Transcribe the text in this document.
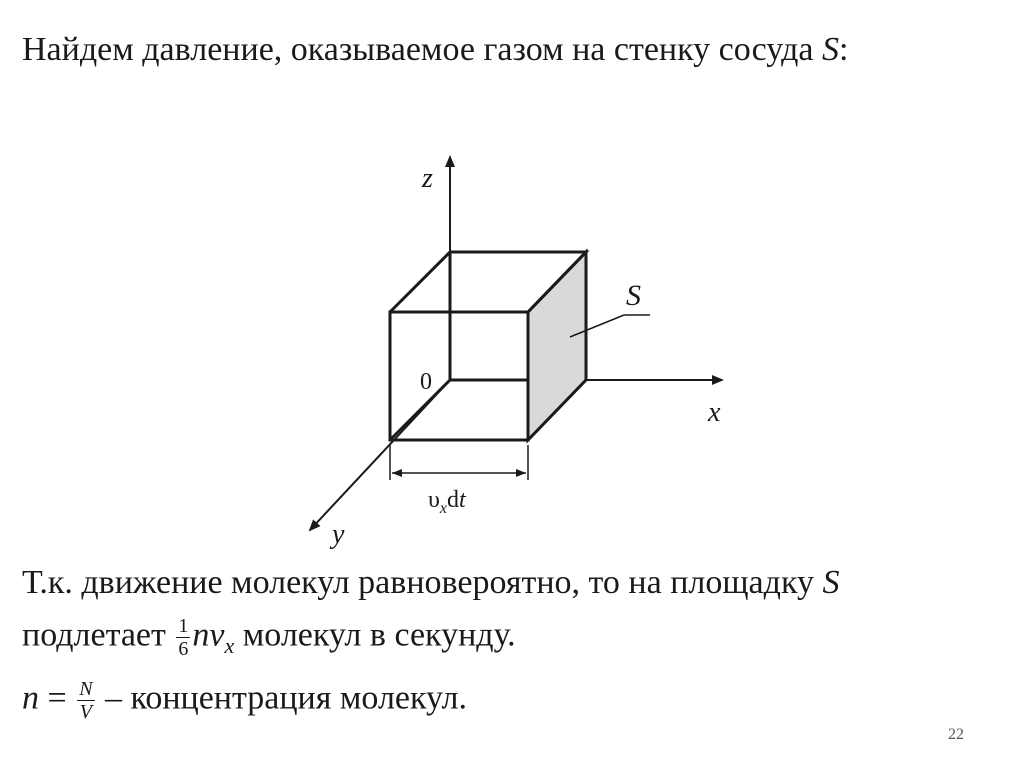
Найдем давление, оказываемое газом на стенку сосуда S:
z
x
y
0
S
$\upsilon_xdt$
Т.к. движение молекул равновероятно, то на площадку S
подлетает $\frac{1}{6} nv_x$ молекул в секунду.
$n = \frac{N}{V}$ – концентрация молекул.
22
